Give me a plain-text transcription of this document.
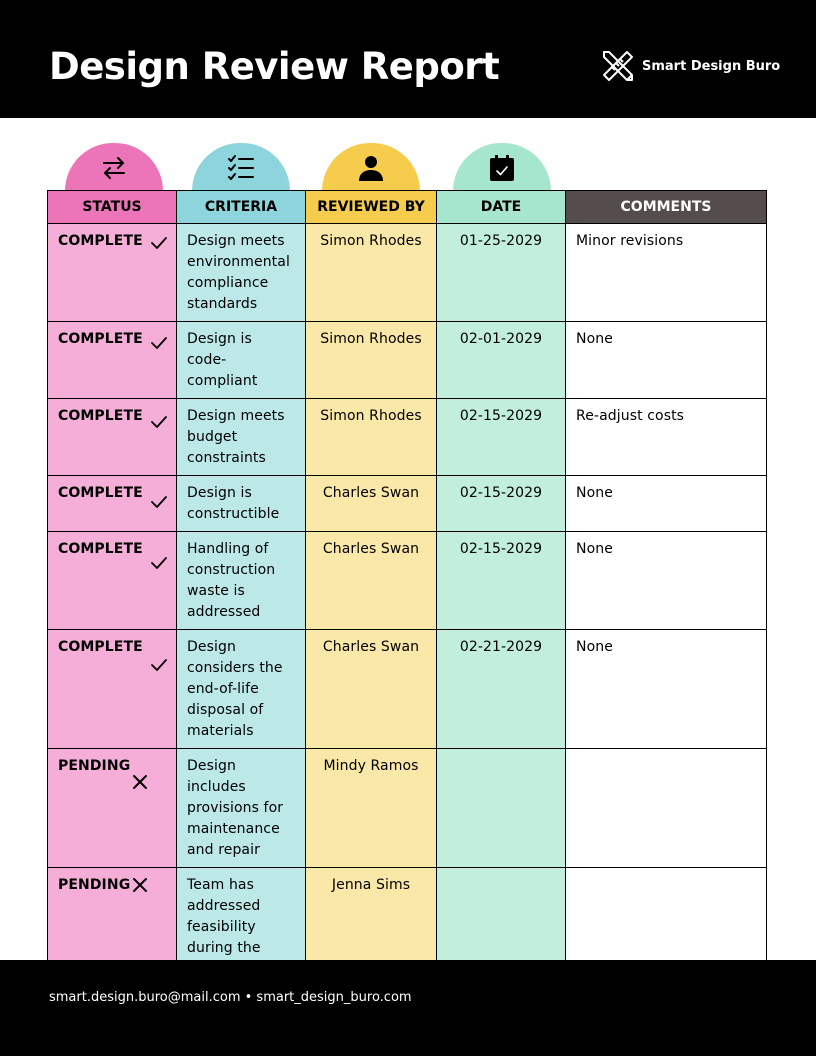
Design Review Report	Smart Design Buro
STATUS	CRITERIA	REVIEWED BY	DATE	COMMENTS

COMPLETE	Design meets environmental compliance standards	Simon Rhodes	01-25-2029	Minor revisions

COMPLETE	Design is code-compliant	Simon Rhodes	02-01-2029	None

COMPLETE	Design meets budget constraints	Simon Rhodes	02-15-2029	Re-adjust costs

COMPLETE	Design is constructible	Charles Swan	02-15-2029	None

COMPLETE	Handling of construction waste is addressed	Charles Swan	02-15-2029	None

COMPLETE	Design considers the end-of-life disposal of materials	Charles Swan	02-21-2029	None

PENDING	Design includes provisions for maintenance and repair	Mindy Ramos		

PENDING	Team has addressed feasibility during the	Jenna Sims		
smart.design.buro@mail.com • smart_design_buro.com
